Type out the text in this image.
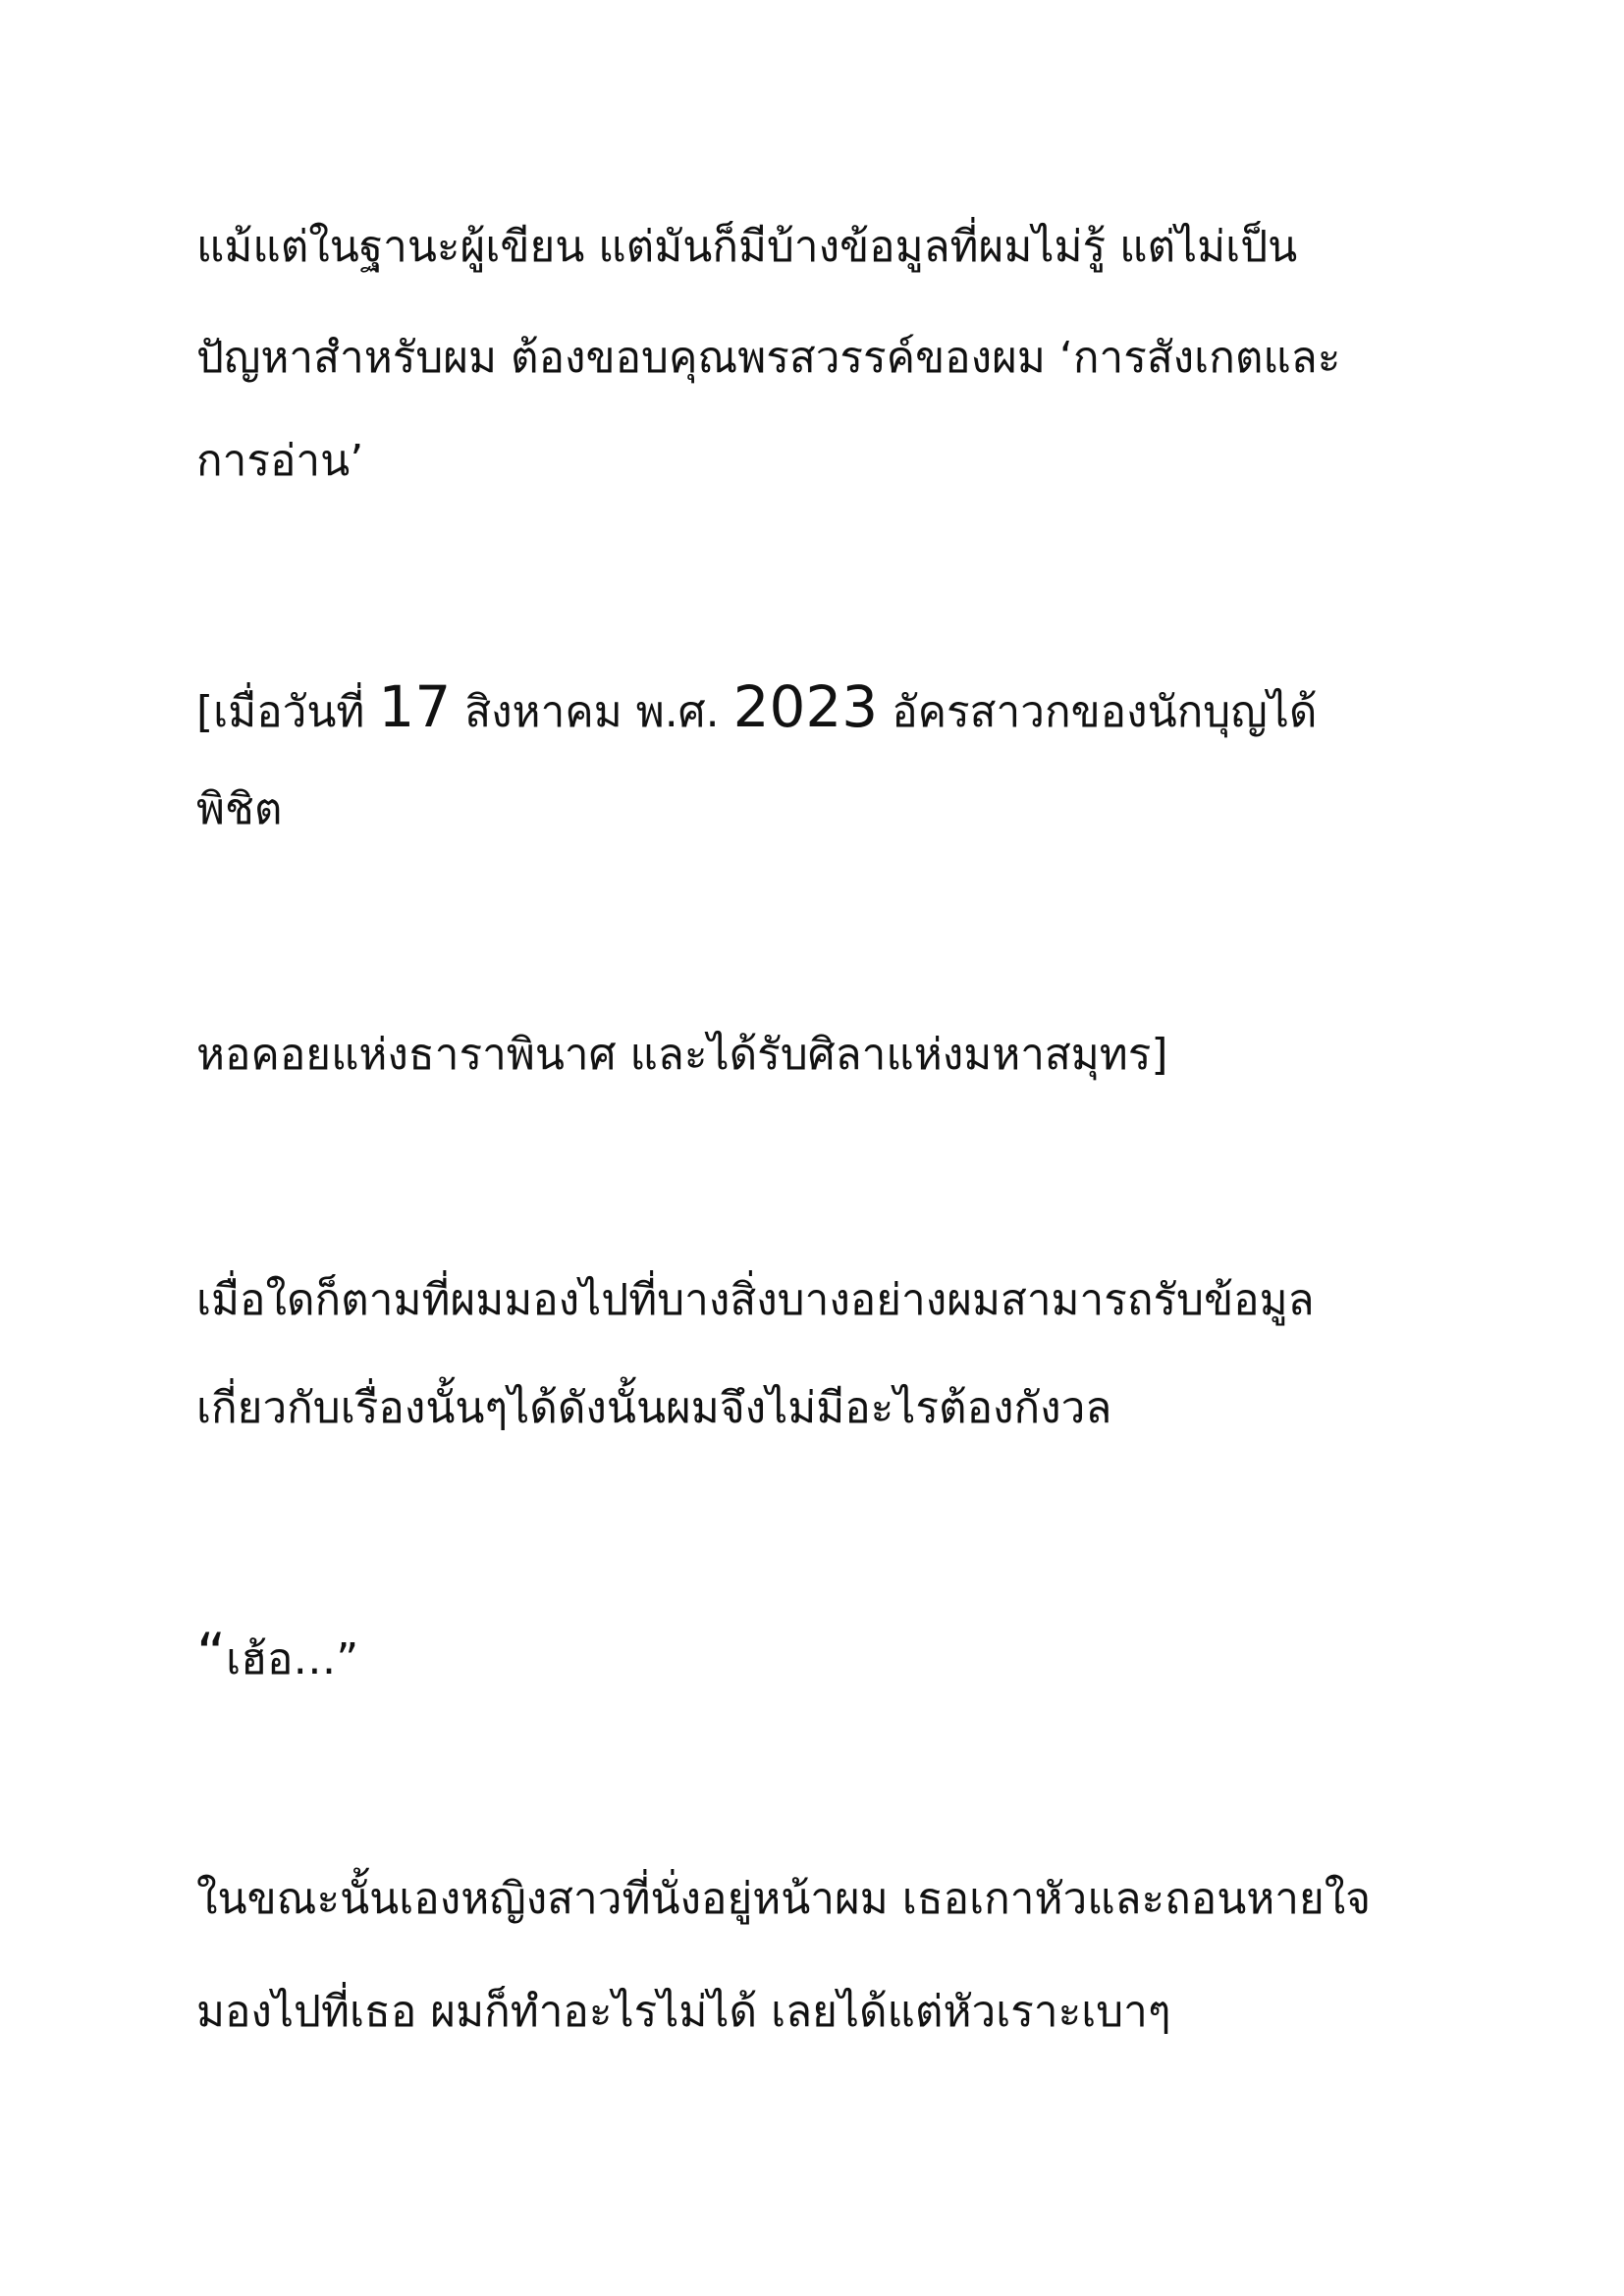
แม้แต่ในฐานะผู้เขียน แต่มันก็มีบ้างข้อมูลที่ผมไม่รู้ แต่ไม่เป็น

ปัญหาสำหรับผม ต้องขอบคุณพรสวรรค์ของผม ‘การสังเกตและ

การอ่าน’

[เมื่อวันที่ 17 สิงหาคม พ.ศ. 2023 อัครสาวกของนักบุญได้

พิชิต

หอคอยแห่งธาราพินาศ และได้รับศิลาแห่งมหาสมุทร]

เมื่อใดก็ตามที่ผมมองไปที่บางสิ่งบางอย่างผมสามารถรับข้อมูล

เกี่ยวกับเรื่องนั้นๆได้ดังนั้นผมจึงไม่มีอะไรต้องกังวล

“เฮ้อ…”

ในขณะนั้นเองหญิงสาวที่นั่งอยู่หน้าผม เธอเกาหัวและถอนหายใจ

มองไปที่เธอ ผมก็ทำอะไรไม่ได้ เลยได้แต่หัวเราะเบาๆ
